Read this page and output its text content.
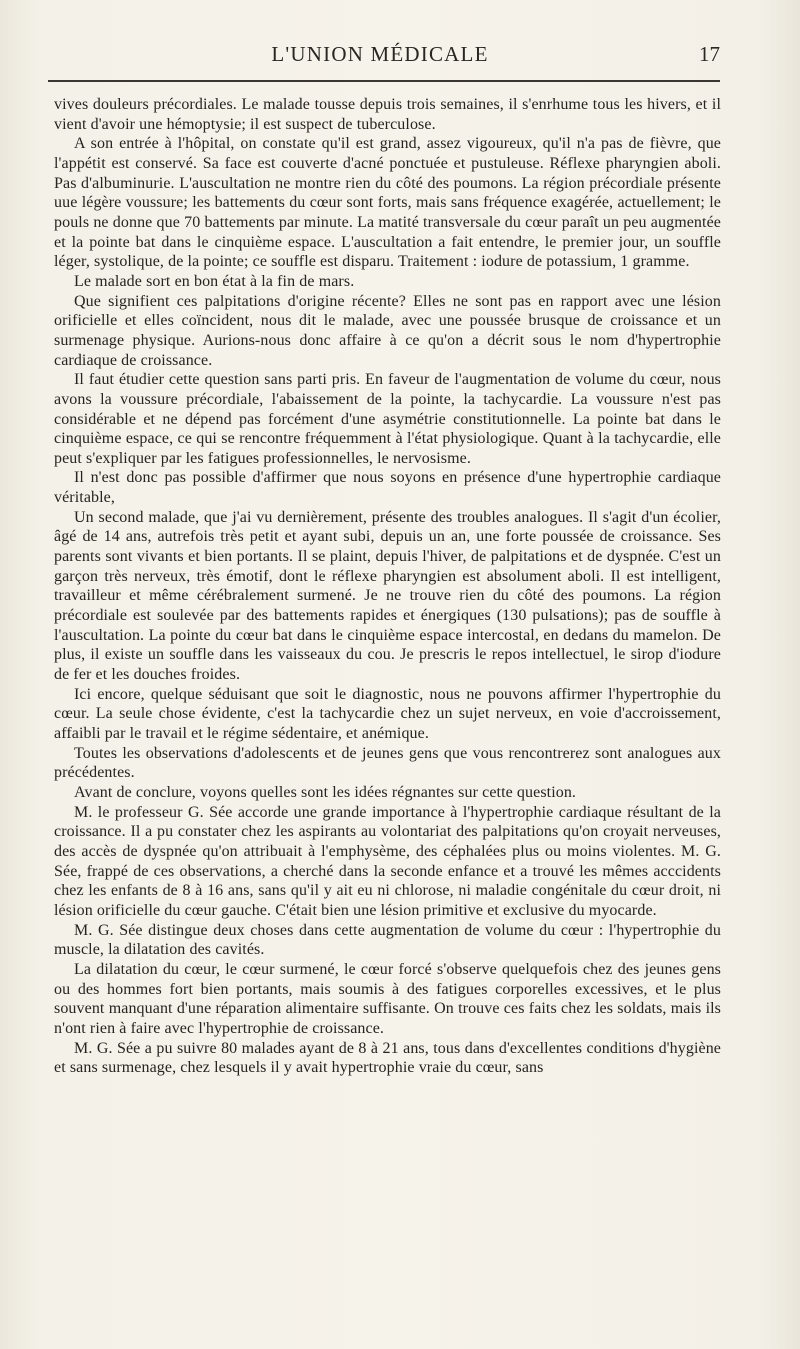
L'UNION MÉDICALE	17

vives douleurs précordiales. Le malade tousse depuis trois semaines, il s'enrhume tous les hivers, et il vient d'avoir une hémoptysie; il est suspect de tuberculose.

A son entrée à l'hôpital, on constate qu'il est grand, assez vigoureux, qu'il n'a pas de fièvre, que l'appétit est conservé. Sa face est couverte d'acné ponctuée et pustuleuse. Réflexe pharyngien aboli. Pas d'albuminurie. L'auscultation ne montre rien du côté des poumons. La région précordiale présente uue légère voussure; les battements du cœur sont forts, mais sans fréquence exagérée, actuellement; le pouls ne donne que 70 battements par minute. La matité transversale du cœur paraît un peu augmentée et la pointe bat dans le cinquième espace. L'auscultation a fait entendre, le premier jour, un souffle léger, systolique, de la pointe; ce souffle est disparu. Traitement : iodure de potassium, 1 gramme.

Le malade sort en bon état à la fin de mars.

Que signifient ces palpitations d'origine récente? Elles ne sont pas en rapport avec une lésion orificielle et elles coïncident, nous dit le malade, avec une poussée brusque de croissance et un surmenage physique. Aurions-nous donc affaire à ce qu'on a décrit sous le nom d'hypertrophie cardiaque de croissance.

Il faut étudier cette question sans parti pris. En faveur de l'augmentation de volume du cœur, nous avons la voussure précordiale, l'abaissement de la pointe, la tachycardie. La voussure n'est pas considérable et ne dépend pas forcément d'une asymétrie constitutionnelle. La pointe bat dans le cinquième espace, ce qui se rencontre fréquemment à l'état physiologique. Quant à la tachycardie, elle peut s'expliquer par les fatigues professionnelles, le nervosisme.

Il n'est donc pas possible d'affirmer que nous soyons en présence d'une hypertrophie cardiaque véritable,

Un second malade, que j'ai vu dernièrement, présente des troubles analogues. Il s'agit d'un écolier, âgé de 14 ans, autrefois très petit et ayant subi, depuis un an, une forte poussée de croissance. Ses parents sont vivants et bien portants. Il se plaint, depuis l'hiver, de palpitations et de dyspnée. C'est un garçon très nerveux, très émotif, dont le réflexe pharyngien est absolument aboli. Il est intelligent, travailleur et même cérébralement surmené. Je ne trouve rien du côté des poumons. La région précordiale est soulevée par des battements rapides et énergiques (130 pulsations); pas de souffle à l'auscultation. La pointe du cœur bat dans le cinquième espace intercostal, en dedans du mamelon. De plus, il existe un souffle dans les vaisseaux du cou. Je prescris le repos intellectuel, le sirop d'iodure de fer et les douches froides.

Ici encore, quelque séduisant que soit le diagnostic, nous ne pouvons affirmer l'hypertrophie du cœur. La seule chose évidente, c'est la tachycardie chez un sujet nerveux, en voie d'accroissement, affaibli par le travail et le régime sédentaire, et anémique.

Toutes les observations d'adolescents et de jeunes gens que vous rencontrerez sont analogues aux précédentes.

Avant de conclure, voyons quelles sont les idées régnantes sur cette question.

M. le professeur G. Sée accorde une grande importance à l'hypertrophie cardiaque résultant de la croissance. Il a pu constater chez les aspirants au volontariat des palpitations qu'on croyait nerveuses, des accès de dyspnée qu'on attribuait à l'emphysème, des céphalées plus ou moins violentes. M. G. Sée, frappé de ces observations, a cherché dans la seconde enfance et a trouvé les mêmes acccidents chez les enfants de 8 à 16 ans, sans qu'il y ait eu ni chlorose, ni maladie congénitale du cœur droit, ni lésion orificielle du cœur gauche. C'était bien une lésion primitive et exclusive du myocarde.

M. G. Sée distingue deux choses dans cette augmentation de volume du cœur : l'hypertrophie du muscle, la dilatation des cavités.

La dilatation du cœur, le cœur surmené, le cœur forcé s'observe quelquefois chez des jeunes gens ou des hommes fort bien portants, mais soumis à des fatigues corporelles excessives, et le plus souvent manquant d'une réparation alimentaire suffisante. On trouve ces faits chez les soldats, mais ils n'ont rien à faire avec l'hypertrophie de croissance.

M. G. Sée a pu suivre 80 malades ayant de 8 à 21 ans, tous dans d'excellentes conditions d'hygiène et sans surmenage, chez lesquels il y avait hypertrophie vraie du cœur, sans
